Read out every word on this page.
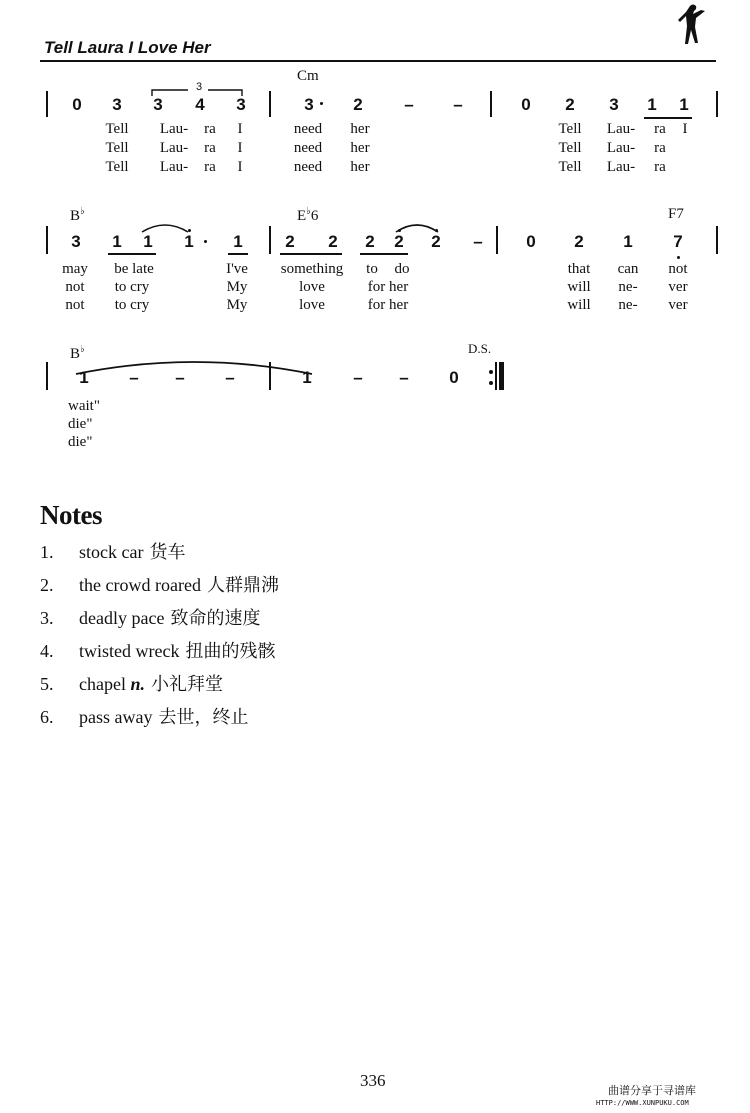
Tell Laura I Love Her
Cm
3
0 3 3 4 3	3 2 – –	0 2 3 1 1
Tell Lau- ra I	need her	Tell Lau- ra I
Tell Lau- ra I	need her	Tell Lau- ra
Tell Lau- ra I	need her	Tell Lau- ra
B♭	E♭6	F7
3 1 1 1 1	2 2 2 2 2 –	0 2 1 7
may be late	I've something to do	that can not
not to cry	My	love	for her	will ne- ver
not to cry	My	love	for her	will ne- ver
B♭	D.S.
1 – – –	1 – – 0
wait"
die"
die"
Notes
1. stock car 货车
2. the crowd roared 人群鼎沸
3. deadly pace 致命的速度
4. twisted wreck 扭曲的残骸
5. chapel n. 小礼拜堂
6. pass away 去世，终止
336
曲谱分享于寻谱库
HTTP://WWW.XUNPUKU.COM
